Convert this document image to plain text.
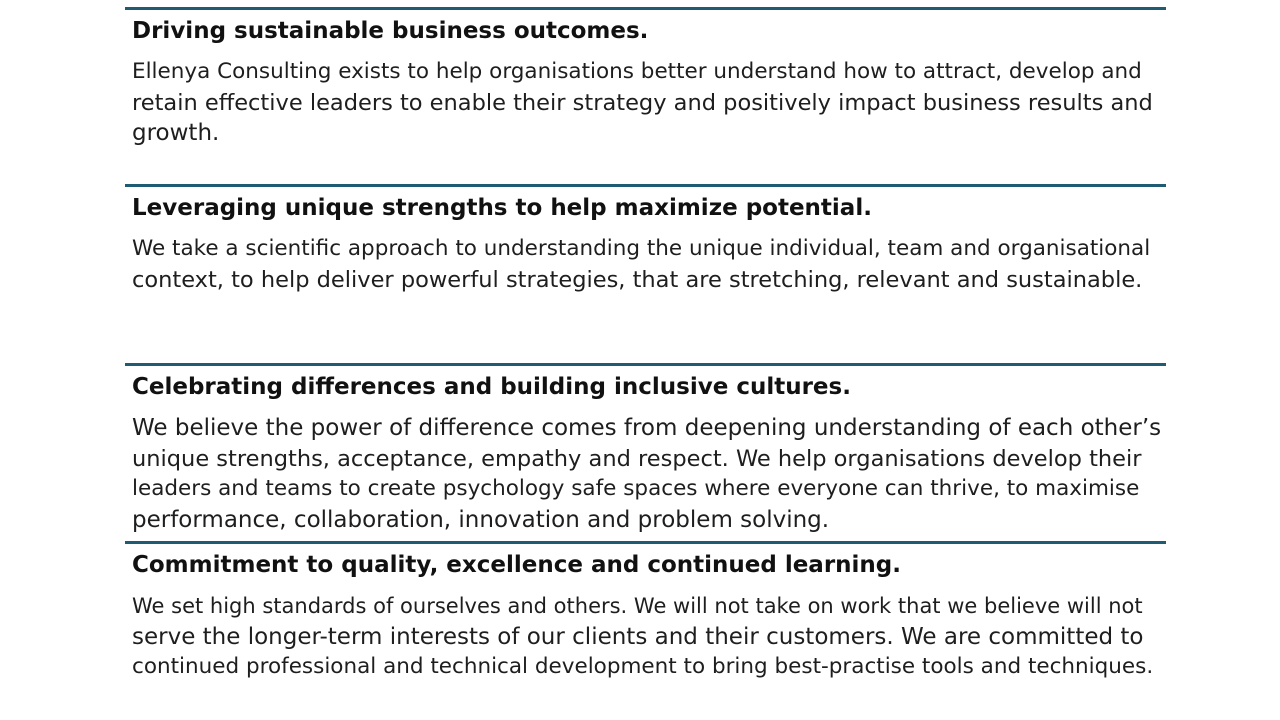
Driving sustainable business outcomes.

Ellenya Consulting exists to help organisations better understand how to attract, develop and
retain effective leaders to enable their strategy and positively impact business results and
growth.

Leveraging unique strengths to help maximize potential.

We take a scientific approach to understanding the unique individual, team and organisational
context, to help deliver powerful strategies, that are stretching, relevant and sustainable.

Celebrating differences and building inclusive cultures.

We believe the power of difference comes from deepening understanding of each other’s
unique strengths, acceptance, empathy and respect. We help organisations develop their
leaders and teams to create psychology safe spaces where everyone can thrive, to maximise
performance, collaboration, innovation and problem solving.

Commitment to quality, excellence and continued learning.

We set high standards of ourselves and others. We will not take on work that we believe will not
serve the longer-term interests of our clients and their customers. We are committed to
continued professional and technical development to bring best-practise tools and techniques.
